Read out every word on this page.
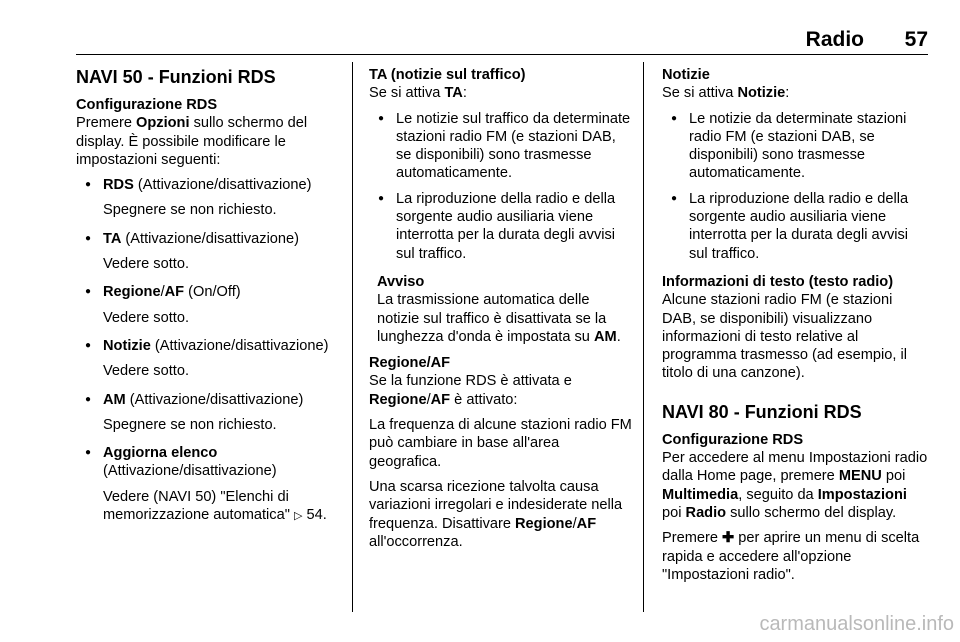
Radio 57
NAVI 50 - Funzioni RDS
Configurazione RDS
Premere Opzioni sullo schermo del display. È possibile modificare le impostazioni seguenti:
● RDS (Attivazione/disattivazione)
Spegnere se non richiesto.
● TA (Attivazione/disattivazione)
Vedere sotto.
● Regione/AF (On/Off)
Vedere sotto.
● Notizie (Attivazione/disattivazione)
Vedere sotto.
● AM (Attivazione/disattivazione)
Spegnere se non richiesto.
● Aggiorna elenco (Attivazione/disattivazione)
Vedere (NAVI 50) "Elenchi di memorizzazione automatica" ▷ 54.
TA (notizie sul traffico)
Se si attiva TA:
● Le notizie sul traffico da determinate stazioni radio FM (e stazioni DAB, se disponibili) sono trasmesse automaticamente.
● La riproduzione della radio e della sorgente audio ausiliaria viene interrotta per la durata degli avvisi sul traffico.
Avviso
La trasmissione automatica delle notizie sul traffico è disattivata se la lunghezza d'onda è impostata su AM.
Regione/AF
Se la funzione RDS è attivata e Regione/AF è attivato:
La frequenza di alcune stazioni radio FM può cambiare in base all'area geografica.
Una scarsa ricezione talvolta causa variazioni irregolari e indesiderate nella frequenza. Disattivare Regione/AF all'occorrenza.
Notizie
Se si attiva Notizie:
● Le notizie da determinate stazioni radio FM (e stazioni DAB, se disponibili) sono trasmesse automaticamente.
● La riproduzione della radio e della sorgente audio ausiliaria viene interrotta per la durata degli avvisi sul traffico.
Informazioni di testo (testo radio)
Alcune stazioni radio FM (e stazioni DAB, se disponibili) visualizzano informazioni di testo relative al programma trasmesso (ad esempio, il titolo di una canzone).
NAVI 80 - Funzioni RDS
Configurazione RDS
Per accedere al menu Impostazioni radio dalla Home page, premere MENU poi Multimedia, seguito da Impostazioni poi Radio sullo schermo del display.
Premere ✚ per aprire un menu di scelta rapida e accedere all'opzione "Impostazioni radio".
carmanualsonline.info
